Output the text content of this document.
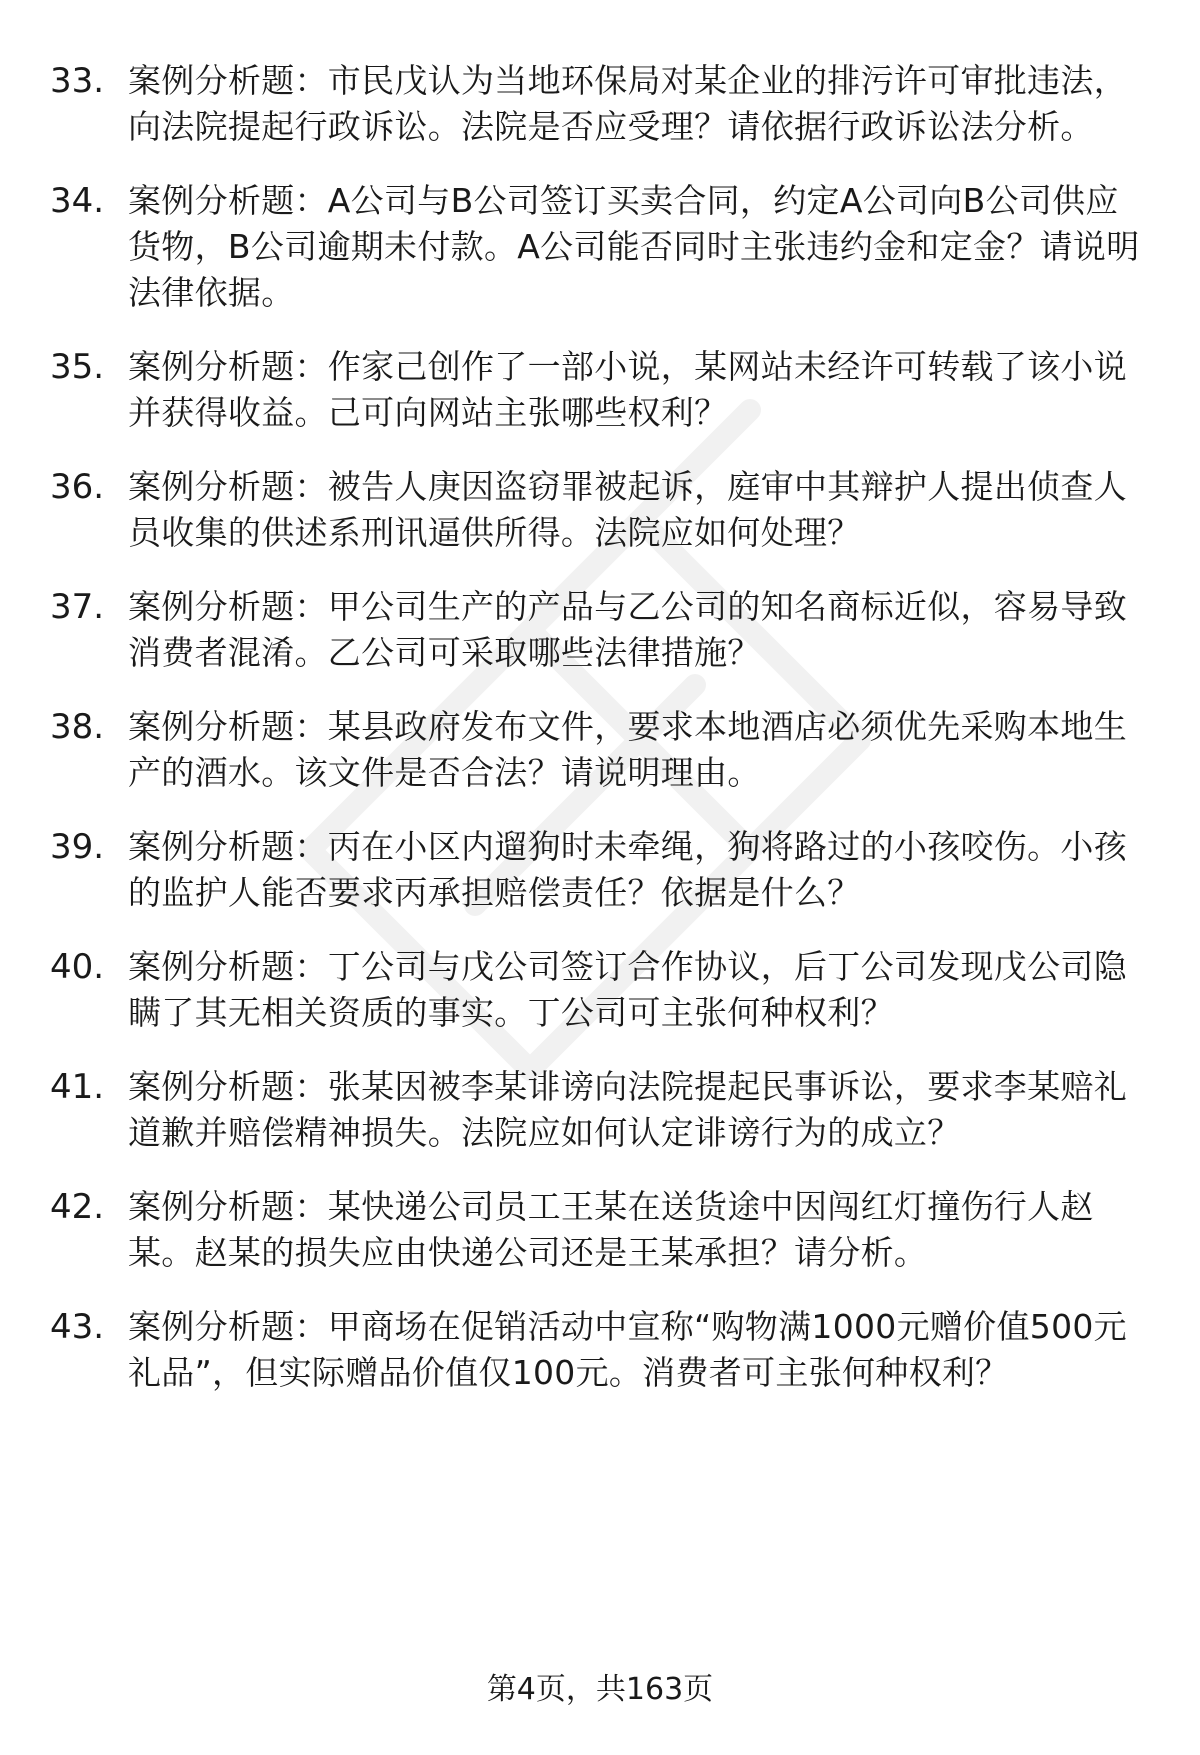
33. 案例分析题：市民戊认为当地环保局对某企业的排污许可审批违法，向法院提起行政诉讼。法院是否应受理？请依据行政诉讼法分析。
34. 案例分析题：A公司与B公司签订买卖合同，约定A公司向B公司供应货物，B公司逾期未付款。A公司能否同时主张违约金和定金？请说明法律依据。
35. 案例分析题：作家己创作了一部小说，某网站未经许可转载了该小说并获得收益。己可向网站主张哪些权利？
36. 案例分析题：被告人庚因盗窃罪被起诉，庭审中其辩护人提出侦查人员收集的供述系刑讯逼供所得。法院应如何处理？
37. 案例分析题：甲公司生产的产品与乙公司的知名商标近似，容易导致消费者混淆。乙公司可采取哪些法律措施？
38. 案例分析题：某县政府发布文件，要求本地酒店必须优先采购本地生产的酒水。该文件是否合法？请说明理由。
39. 案例分析题：丙在小区内遛狗时未牵绳，狗将路过的小孩咬伤。小孩的监护人能否要求丙承担赔偿责任？依据是什么？
40. 案例分析题：丁公司与戊公司签订合作协议，后丁公司发现戊公司隐瞒了其无相关资质的事实。丁公司可主张何种权利？
41. 案例分析题：张某因被李某诽谤向法院提起民事诉讼，要求李某赔礼道歉并赔偿精神损失。法院应如何认定诽谤行为的成立？
42. 案例分析题：某快递公司员工王某在送货途中因闯红灯撞伤行人赵某。赵某的损失应由快递公司还是王某承担？请分析。
43. 案例分析题：甲商场在促销活动中宣称“购物满1000元赠价值500元礼品”，但实际赠品价值仅100元。消费者可主张何种权利？
第4页，共163页
